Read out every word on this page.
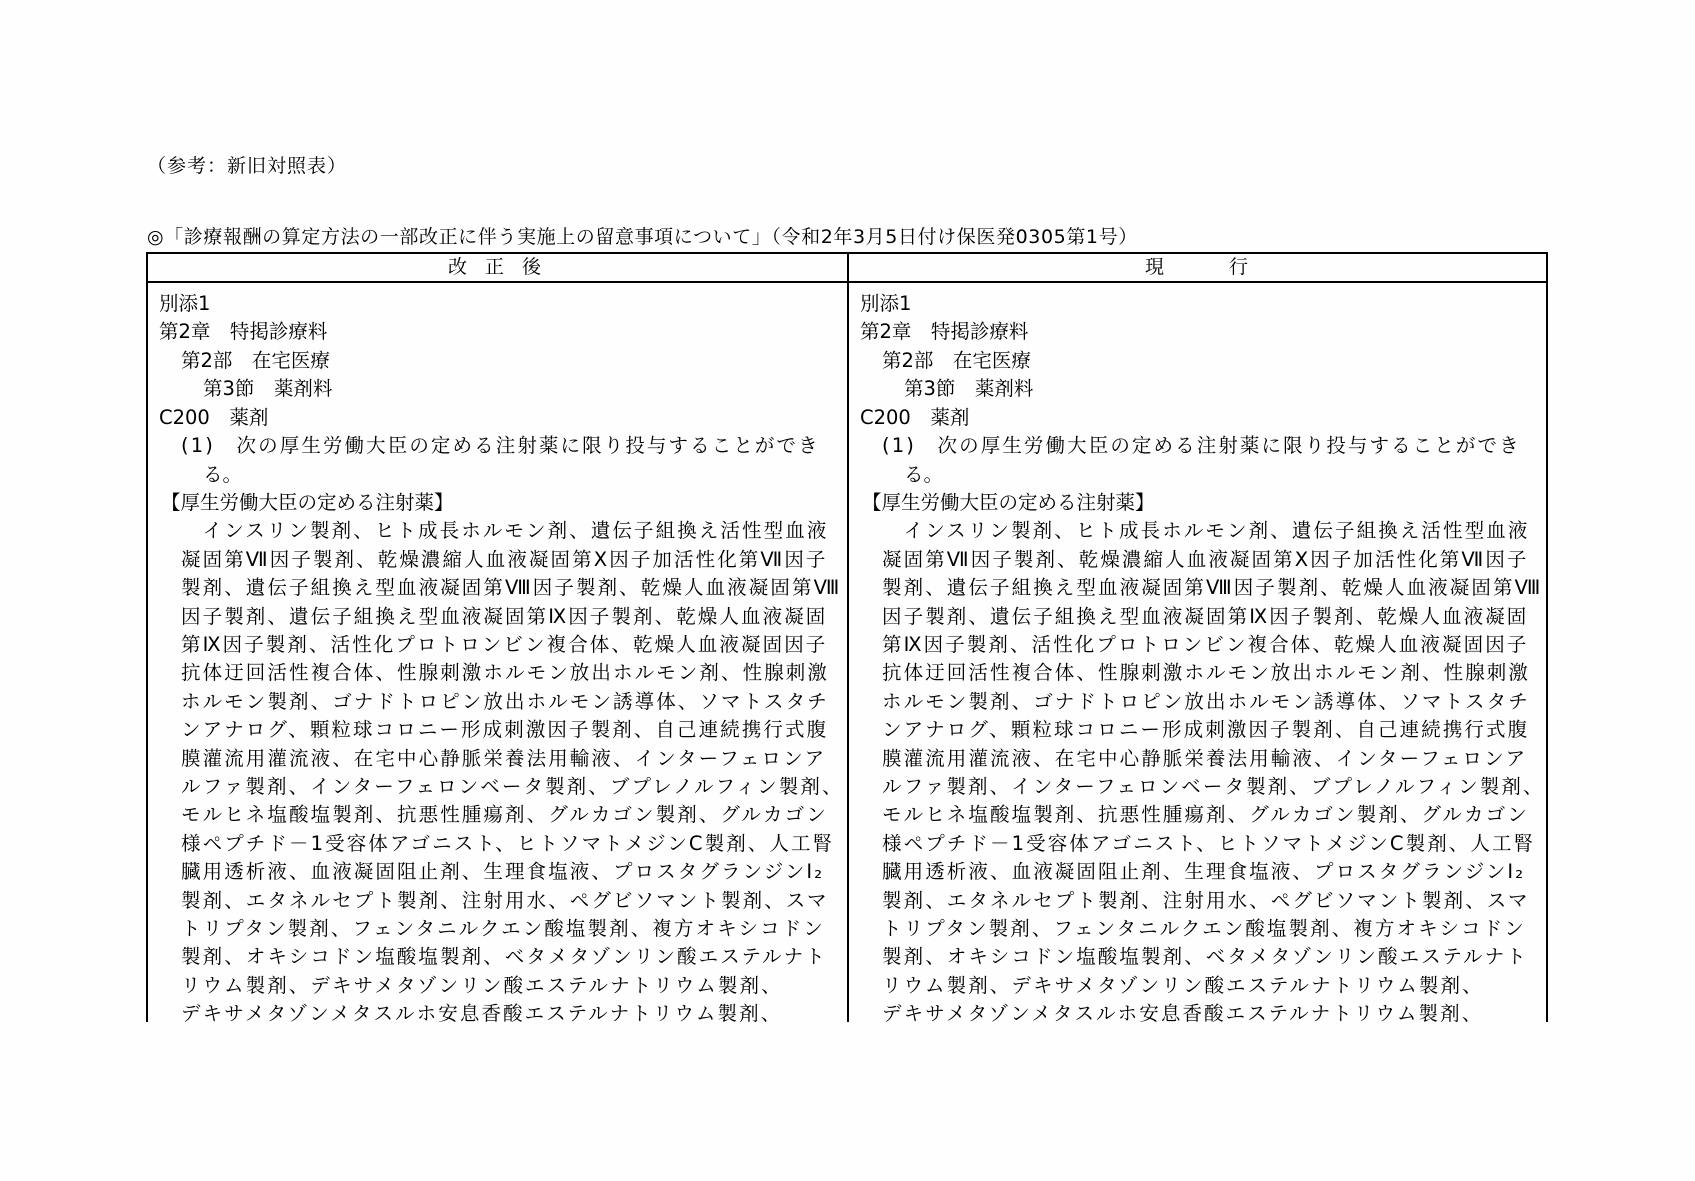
（参考：新旧対照表）
◎「診療報酬の算定方法の一部改正に伴う実施上の留意事項について」（令和2年3月5日付け保医発0305第1号）
改 正 後	現　　　行
別添1
第2章　特掲診療料
第2部　在宅医療
第3節　薬剤料
C200　薬剤
(1)　次の厚生労働大臣の定める注射薬に限り投与することができ
る。
【厚生労働大臣の定める注射薬】
　インスリン製剤、ヒト成長ホルモン剤、遺伝子組換え活性型血液
凝固第Ⅶ因子製剤、乾燥濃縮人血液凝固第Ⅹ因子加活性化第Ⅶ因子
製剤、遺伝子組換え型血液凝固第Ⅷ因子製剤、乾燥人血液凝固第Ⅷ
因子製剤、遺伝子組換え型血液凝固第Ⅸ因子製剤、乾燥人血液凝固
第Ⅸ因子製剤、活性化プロトロンビン複合体、乾燥人血液凝固因子
抗体迂回活性複合体、性腺刺激ホルモン放出ホルモン剤、性腺刺激
ホルモン製剤、ゴナドトロピン放出ホルモン誘導体、ソマトスタチ
ンアナログ、顆粒球コロニー形成刺激因子製剤、自己連続携行式腹
膜灌流用灌流液、在宅中心静脈栄養法用輸液、インターフェロンア
ルファ製剤、インターフェロンベータ製剤、ブプレノルフィン製剤、
モルヒネ塩酸塩製剤、抗悪性腫瘍剤、グルカゴン製剤、グルカゴン
様ペプチド－1受容体アゴニスト、ヒトソマトメジンC製剤、人工腎
臓用透析液、血液凝固阻止剤、生理食塩液、プロスタグランジンI₂
製剤、エタネルセプト製剤、注射用水、ペグビソマント製剤、スマ
トリプタン製剤、フェンタニルクエン酸塩製剤、複方オキシコドン
製剤、オキシコドン塩酸塩製剤、ベタメタゾンリン酸エステルナト
リウム製剤、デキサメタゾンリン酸エステルナトリウム製剤、
デキサメタゾンメタスルホ安息香酸エステルナトリウム製剤、
別添1
第2章　特掲診療料
第2部　在宅医療
第3節　薬剤料
C200　薬剤
(1)　次の厚生労働大臣の定める注射薬に限り投与することができ
る。
【厚生労働大臣の定める注射薬】
　インスリン製剤、ヒト成長ホルモン剤、遺伝子組換え活性型血液
凝固第Ⅶ因子製剤、乾燥濃縮人血液凝固第Ⅹ因子加活性化第Ⅶ因子
製剤、遺伝子組換え型血液凝固第Ⅷ因子製剤、乾燥人血液凝固第Ⅷ
因子製剤、遺伝子組換え型血液凝固第Ⅸ因子製剤、乾燥人血液凝固
第Ⅸ因子製剤、活性化プロトロンビン複合体、乾燥人血液凝固因子
抗体迂回活性複合体、性腺刺激ホルモン放出ホルモン剤、性腺刺激
ホルモン製剤、ゴナドトロピン放出ホルモン誘導体、ソマトスタチ
ンアナログ、顆粒球コロニー形成刺激因子製剤、自己連続携行式腹
膜灌流用灌流液、在宅中心静脈栄養法用輸液、インターフェロンア
ルファ製剤、インターフェロンベータ製剤、ブプレノルフィン製剤、
モルヒネ塩酸塩製剤、抗悪性腫瘍剤、グルカゴン製剤、グルカゴン
様ペプチド－1受容体アゴニスト、ヒトソマトメジンC製剤、人工腎
臓用透析液、血液凝固阻止剤、生理食塩液、プロスタグランジンI₂
製剤、エタネルセプト製剤、注射用水、ペグビソマント製剤、スマ
トリプタン製剤、フェンタニルクエン酸塩製剤、複方オキシコドン
製剤、オキシコドン塩酸塩製剤、ベタメタゾンリン酸エステルナト
リウム製剤、デキサメタゾンリン酸エステルナトリウム製剤、
デキサメタゾンメタスルホ安息香酸エステルナトリウム製剤、
